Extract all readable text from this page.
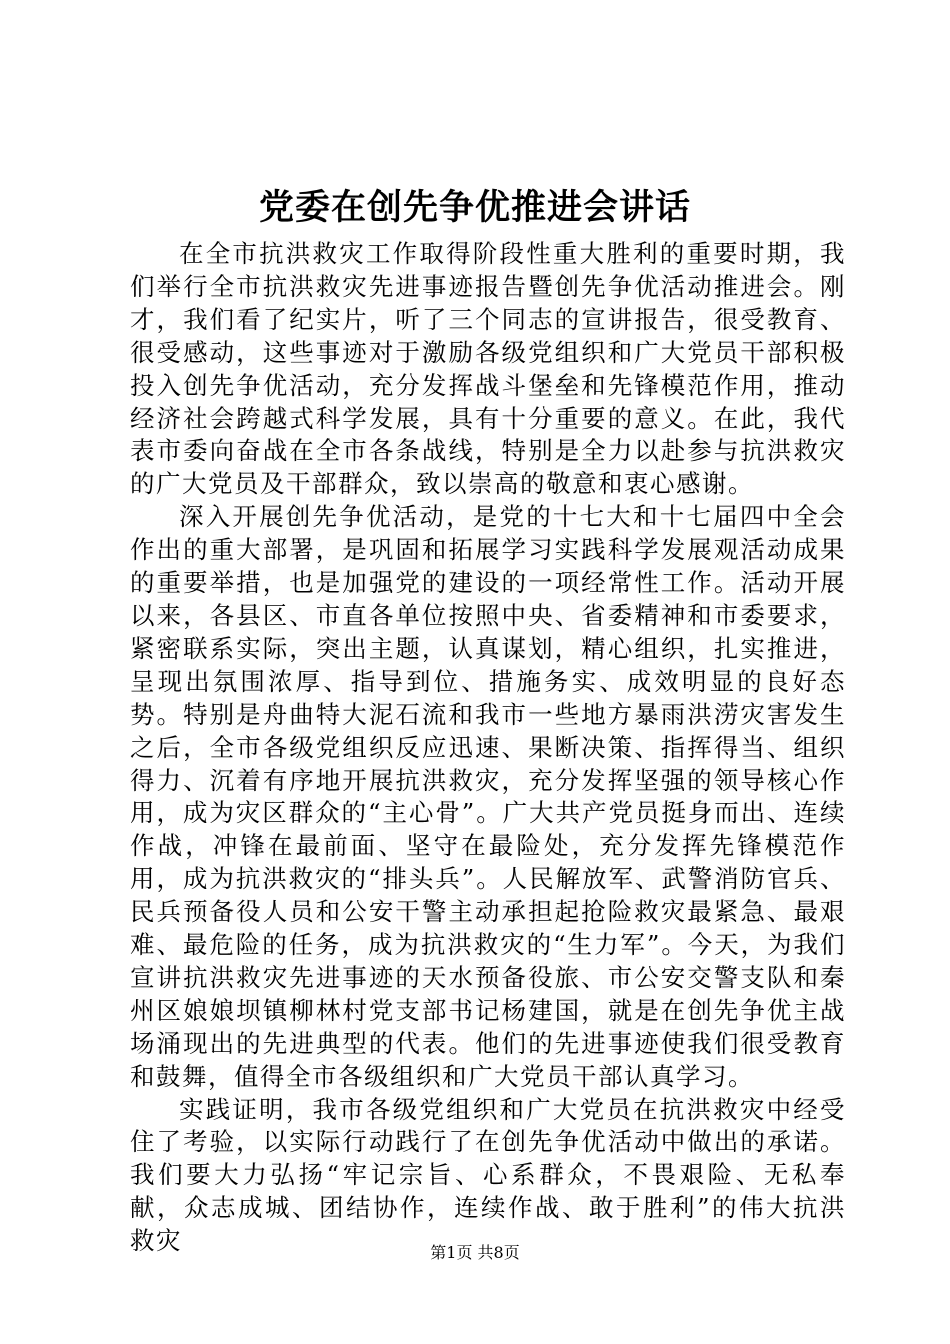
党委在创先争优推进会讲话

在全市抗洪救灾工作取得阶段性重大胜利的重要时期，我们举行全市抗洪救灾先进事迹报告暨创先争优活动推进会。刚才，我们看了纪实片，听了三个同志的宣讲报告，很受教育、很受感动，这些事迹对于激励各级党组织和广大党员干部积极投入创先争优活动，充分发挥战斗堡垒和先锋模范作用，推动经济社会跨越式科学发展，具有十分重要的意义。在此，我代表市委向奋战在全市各条战线，特别是全力以赴参与抗洪救灾的广大党员及干部群众，致以崇高的敬意和衷心感谢。

深入开展创先争优活动，是党的十七大和十七届四中全会作出的重大部署，是巩固和拓展学习实践科学发展观活动成果的重要举措，也是加强党的建设的一项经常性工作。活动开展以来，各县区、市直各单位按照中央、省委精神和市委要求，紧密联系实际，突出主题，认真谋划，精心组织，扎实推进，呈现出氛围浓厚、指导到位、措施务实、成效明显的良好态势。特别是舟曲特大泥石流和我市一些地方暴雨洪涝灾害发生之后，全市各级党组织反应迅速、果断决策、指挥得当、组织得力、沉着有序地开展抗洪救灾，充分发挥坚强的领导核心作用，成为灾区群众的“主心骨”。广大共产党员挺身而出、连续作战，冲锋在最前面、坚守在最险处，充分发挥先锋模范作用，成为抗洪救灾的“排头兵”。人民解放军、武警消防官兵、民兵预备役人员和公安干警主动承担起抢险救灾最紧急、最艰难、最危险的任务，成为抗洪救灾的“生力军”。今天，为我们宣讲抗洪救灾先进事迹的天水预备役旅、市公安交警支队和秦州区娘娘坝镇柳林村党支部书记杨建国，就是在创先争优主战场涌现出的先进典型的代表。他们的先进事迹使我们很受教育和鼓舞，值得全市各级组织和广大党员干部认真学习。

实践证明，我市各级党组织和广大党员在抗洪救灾中经受住了考验，以实际行动践行了在创先争优活动中做出的承诺。我们要大力弘扬“牢记宗旨、心系群众，不畏艰险、无私奉献，众志成城、团结协作，连续作战、敢于胜利”的伟大抗洪救灾	第1页 共8页
